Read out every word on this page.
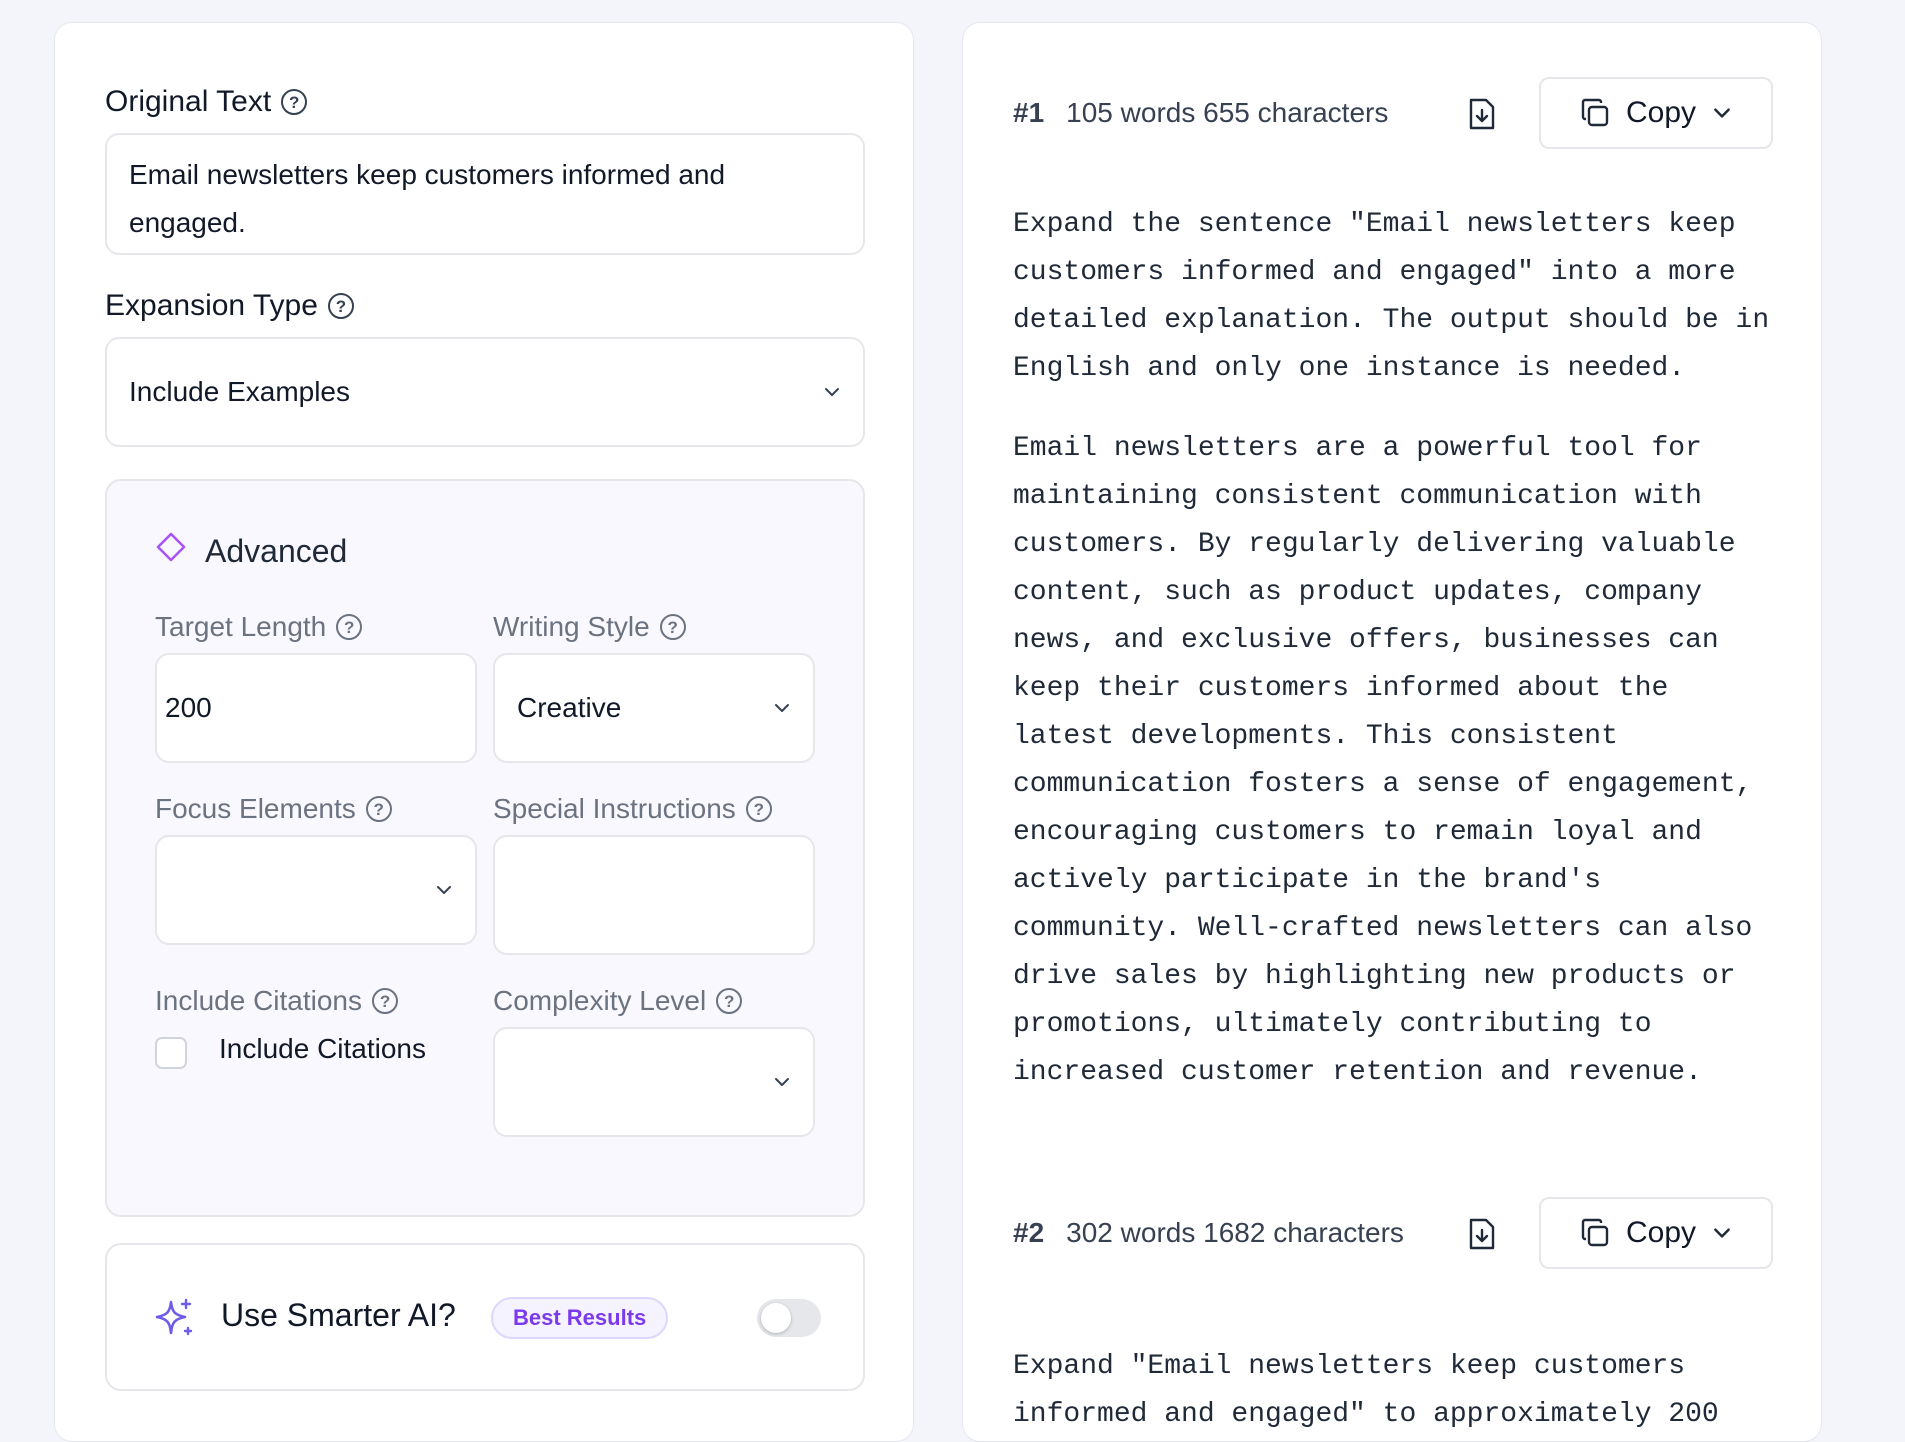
Original Text	?
Email newsletters keep customers informed and engaged.
Expansion Type	?
Include Examples
Advanced
Target Length	?
200
Writing Style	?
Creative
Focus Elements	?	Special Instructions	?
Include Citations	?
Include Citations
Complexity Level	?
Use Smarter AI?	Best Results
#1 105 words 655 characters	Copy
Expand the sentence "Email newsletters keep customers informed and engaged" into a more detailed explanation. The output should be in English and only one instance is needed.
Email newsletters are a powerful tool for maintaining consistent communication with customers. By regularly delivering valuable content, such as product updates, company news, and exclusive offers, businesses can keep their customers informed about the latest developments. This consistent communication fosters a sense of engagement, encouraging customers to remain loyal and actively participate in the brand's community. Well-crafted newsletters can also drive sales by highlighting new products or promotions, ultimately contributing to increased customer retention and revenue.
#2 302 words 1682 characters	Copy
Expand "Email newsletters keep customers informed and engaged" to approximately 200
